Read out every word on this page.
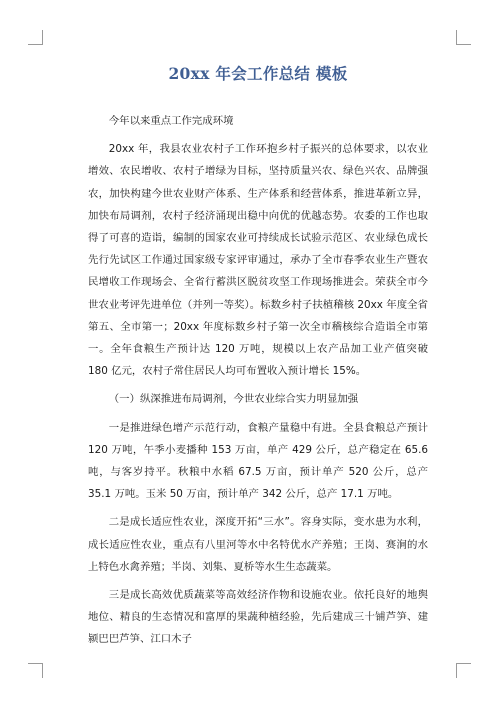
20xx 年会工作总结 模板

今年以来重点工作完成环境

20xx 年，我县农业农村子工作环抱乡村子振兴的总体要求，以农业增效、农民增收、农村子增绿为目标，坚持质量兴农、绿色兴农、品牌强农，加快构建今世农业财产体系、生产体系和经营体系，推进革新立异，加快布局调剂，农村子经济涌现出稳中向优的优越态势。农委的工作也取得了可喜的造诣，编制的国家农业可持续成长试验示范区、农业绿色成长先行先试区工作通过国家级专家评审通过，承办了全市春季农业生产暨农民增收工作现场会、全省行蓄洪区脱贫攻坚工作现场推进会。荣获全市今世农业考评先进单位（并列一等奖）。标数乡村子扶植稽核 20xx 年度全省第五、全市第一；20xx 年度标数乡村子第一次全市稽核综合造诣全市第一。全年食粮生产预计达 120 万吨，规模以上农产品加工业产值突破 180 亿元，农村子常住居民人均可布置收入预计增长 15%。

（一）纵深推进布局调剂，今世农业综合实力明显加强

一是推进绿色增产示范行动，食粮产量稳中有进。全县食粮总产预计 120 万吨，午季小麦播种 153 万亩，单产 429 公斤，总产稳定在 65.6 吨，与客岁持平。秋粮中水稻 67.5 万亩，预计单产 520 公斤，总产 35.1 万吨。玉米 50 万亩，预计单产 342 公斤，总产 17.1 万吨。

二是成长适应性农业，深度开拓“三水”。容身实际，变水患为水利，成长适应性农业，重点有八里河等水中名特优水产养殖；王岗、赛涧的水上特色水禽养殖；半岗、刘集、夏桥等水生生态蔬菜。

三是成长高效优质蔬菜等高效经济作物和设施农业。依托良好的地舆地位、精良的生态情况和富厚的果蔬种植经验，先后建成三十铺芦笋、建颍巴巴芦笋、江口木子
